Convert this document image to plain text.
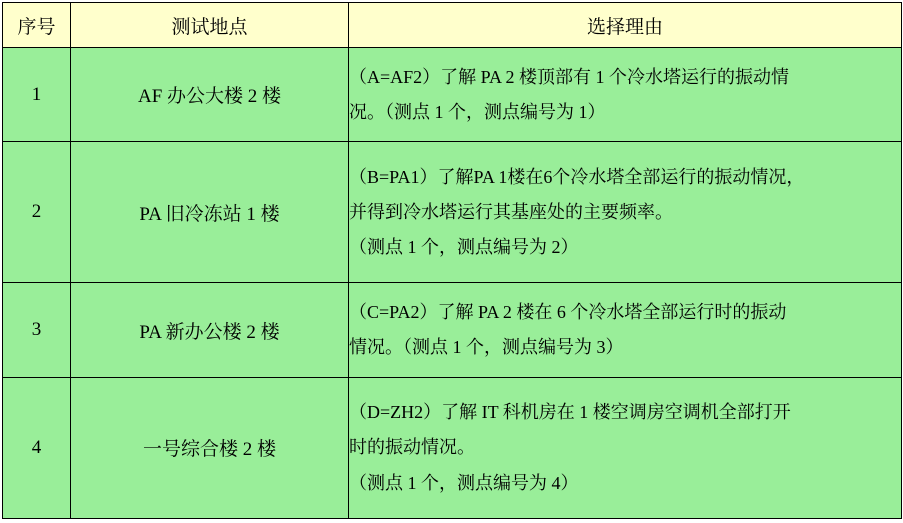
序号	测试地点	选择理由
1	AF 办公大楼 2 楼	（A=AF2）了解 PA 2 楼顶部有 1 个冷水塔运行的振动情
况。（测点 1 个，测点编号为 1）

2	PA 旧冷冻站 1 楼	（B=PA1）了解PA 1楼在6个冷水塔全部运行的振动情况，
并得到冷水塔运行其基座处的主要频率。
（测点 1 个，测点编号为 2）

3	PA 新办公楼 2 楼	（C=PA2）了解 PA 2 楼在 6 个冷水塔全部运行时的振动
情况。（测点 1 个，测点编号为 3）

4	一号综合楼 2 楼	（D=ZH2）了解 IT 科机房在 1 楼空调房空调机全部打开
时的振动情况。
（测点 1 个，测点编号为 4）
